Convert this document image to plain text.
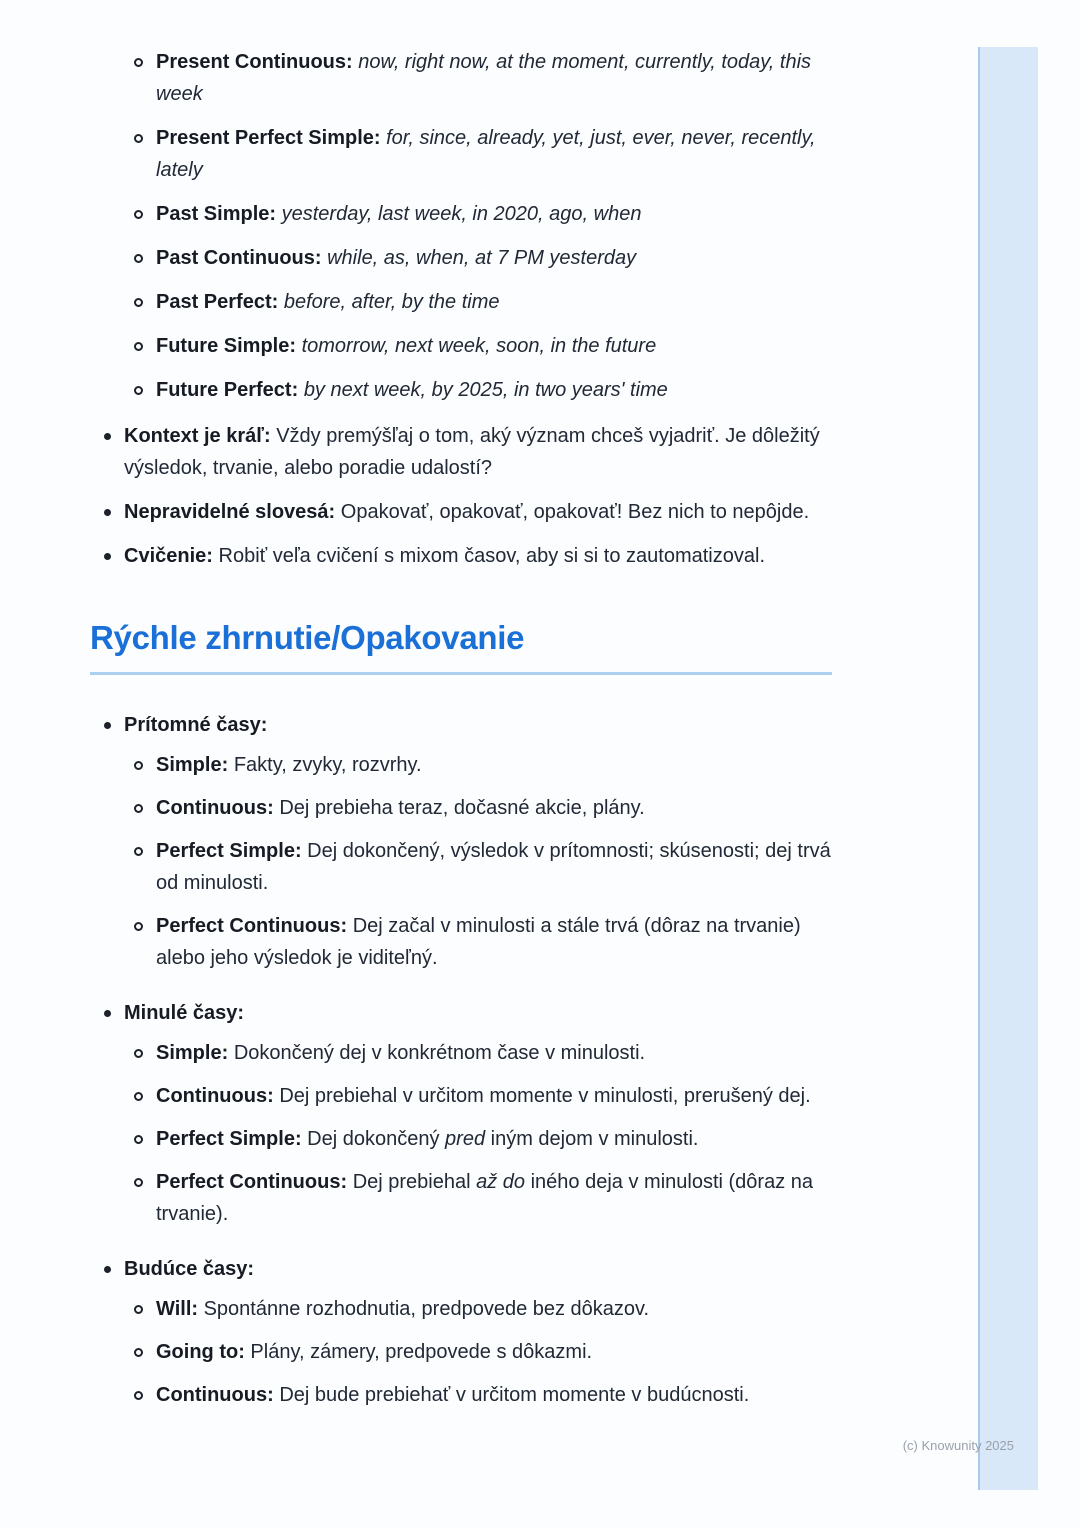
Present Continuous: now, right now, at the moment, currently, today, this week
Present Perfect Simple: for, since, already, yet, just, ever, never, recently, lately
Past Simple: yesterday, last week, in 2020, ago, when
Past Continuous: while, as, when, at 7 PM yesterday
Past Perfect: before, after, by the time
Future Simple: tomorrow, next week, soon, in the future
Future Perfect: by next week, by 2025, in two years' time
Kontext je kráľ: Vždy premýšľaj o tom, aký význam chceš vyjadriť. Je dôležitý výsledok, trvanie, alebo poradie udalostí?
Nepravidelné slovesá: Opakovať, opakovať, opakovať! Bez nich to nepôjde.
Cvičenie: Robiť veľa cvičení s mixom časov, aby si si to zautomatizoval.
Rýchle zhrnutie/Opakovanie
Prítomné časy:
Simple: Fakty, zvyky, rozvrhy.
Continuous: Dej prebieha teraz, dočasné akcie, plány.
Perfect Simple: Dej dokončený, výsledok v prítomnosti; skúsenosti; dej trvá od minulosti.
Perfect Continuous: Dej začal v minulosti a stále trvá (dôraz na trvanie) alebo jeho výsledok je viditeľný.
Minulé časy:
Simple: Dokončený dej v konkrétnom čase v minulosti.
Continuous: Dej prebiehal v určitom momente v minulosti, prerušený dej.
Perfect Simple: Dej dokončený pred iným dejom v minulosti.
Perfect Continuous: Dej prebiehal až do iného deja v minulosti (dôraz na trvanie).
Budúce časy:
Will: Spontánne rozhodnutia, predpovede bez dôkazov.
Going to: Plány, zámery, predpovede s dôkazmi.
Continuous: Dej bude prebiehať v určitom momente v budúcnosti.
(c) Knowunity 2025
